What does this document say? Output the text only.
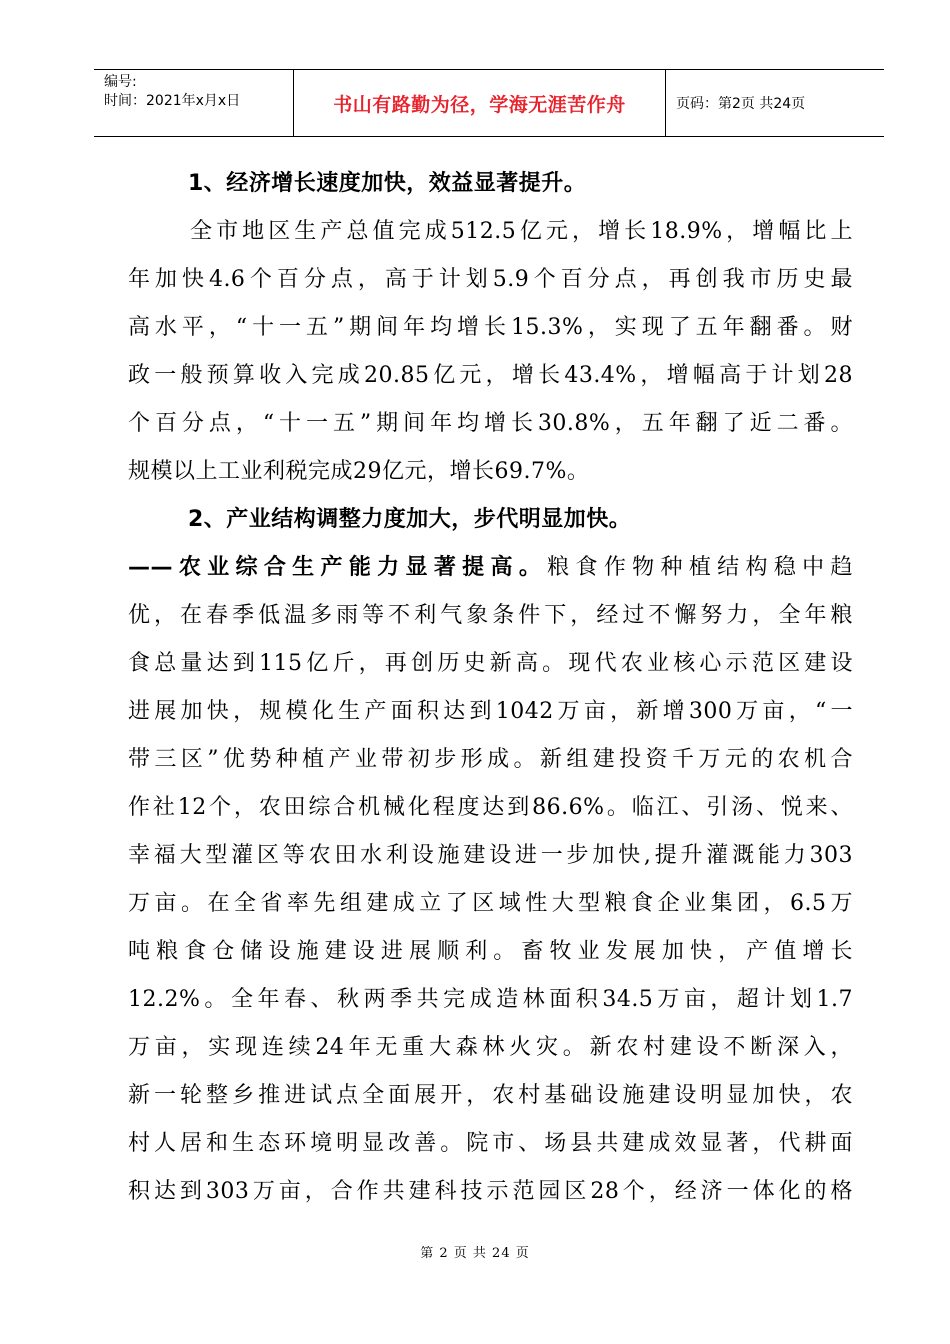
编号:
时间：2021年x月x日	书山有路勤为径，学海无涯苦作舟	页码：第2页 共24页
1、经济增长速度加快，效益显著提升。
全市地区生产总值完成512.5亿元，增长18.9%，增幅比上
年加快4.6个百分点，高于计划5.9个百分点，再创我市历史最
高水平，“十一五”期间年均增长15.3%，实现了五年翻番。财
政一般预算收入完成20.85亿元，增长43.4%，增幅高于计划28
个百分点，“十一五”期间年均增长30.8%，五年翻了近二番。
规模以上工业利税完成29亿元，增长69.7%。
2、产业结构调整力度加大，步代明显加快。
——农业综合生产能力显著提高。粮食作物种植结构稳中趋
优，在春季低温多雨等不利气象条件下，经过不懈努力，全年粮
食总量达到115亿斤，再创历史新高。现代农业核心示范区建设
进展加快，规模化生产面积达到1042万亩，新增300万亩，“一
带三区”优势种植产业带初步形成。新组建投资千万元的农机合
作社12个，农田综合机械化程度达到86.6%。临江、引汤、悦来、
幸福大型灌区等农田水利设施建设进一步加快,提升灌溉能力303
万亩。在全省率先组建成立了区域性大型粮食企业集团，6.5万
吨粮食仓储设施建设进展顺利。畜牧业发展加快，产值增长
12.2%。全年春、秋两季共完成造林面积34.5万亩，超计划1.7
万亩，实现连续24年无重大森林火灾。新农村建设不断深入，
新一轮整乡推进试点全面展开，农村基础设施建设明显加快，农
村人居和生态环境明显改善。院市、场县共建成效显著，代耕面
积达到303万亩，合作共建科技示范园区28个，经济一体化的格
第 2 页 共 24 页
